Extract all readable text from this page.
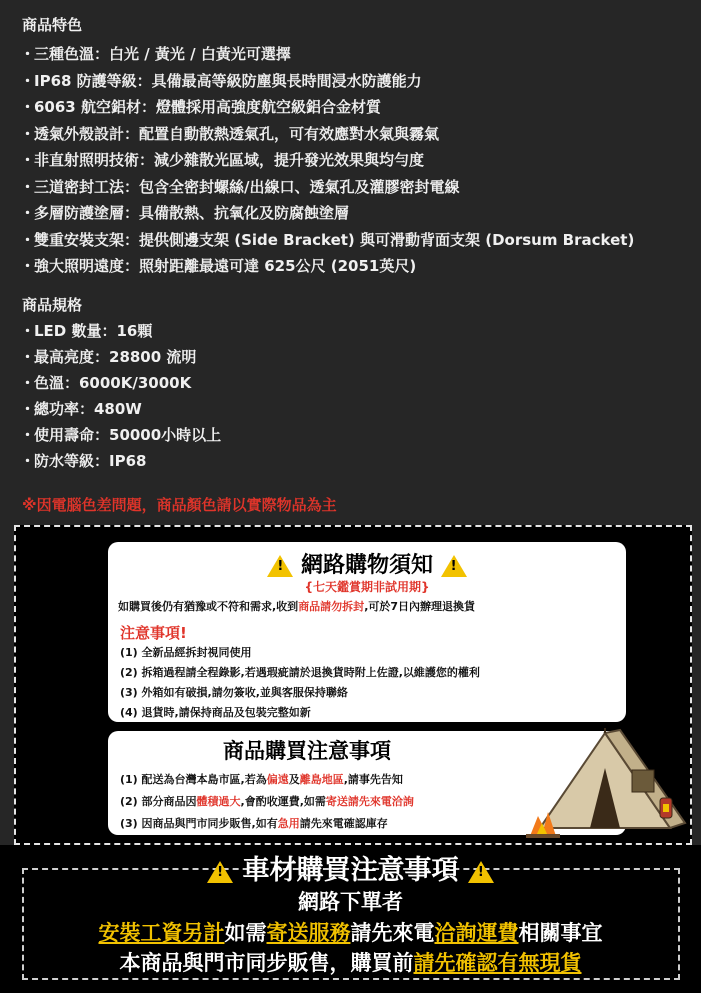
商品特色
・三種色溫：白光 / 黃光 / 白黃光可選擇
・IP68 防護等級：具備最高等級防塵與長時間浸水防護能力
・6063 航空鋁材：燈體採用高強度航空級鋁合金材質
・透氣外殼設計：配置自動散熱透氣孔，可有效應對水氣與霧氣
・非直射照明技術：減少雜散光區域，提升發光效果與均勻度
・三道密封工法：包含全密封螺絲/出線口、透氣孔及灌膠密封電線
・多層防護塗層：具備散熱、抗氧化及防腐蝕塗層
・雙重安裝支架：提供側邊支架 (Side Bracket) 與可滑動背面支架 (Dorsum Bracket)
・強大照明遠度：照射距離最遠可達 625公尺 (2051英尺)
商品規格
・LED 數量：16顆
・最高亮度：28800 流明
・色溫：6000K/3000K
・總功率：480W
・使用壽命：50000小時以上
・防水等級：IP68
※因電腦色差問題，商品顏色請以實際物品為主
! 網路購物須知 !
{七天鑑賞期非試用期}
如購買後仍有猶豫或不符和需求,收到商品請勿拆封,可於7日內辦理退換貨
注意事項!
(1) 全新品經拆封視同使用
(2) 拆箱過程請全程錄影,若遇瑕疵請於退換貨時附上佐證,以維護您的權利
(3) 外箱如有破損,請勿簽收,並與客服保持聯絡
(4) 退貨時,請保持商品及包裝完整如新
商品購買注意事項
(1) 配送為台灣本島市區,若為偏遠及離島地區,請事先告知
(2) 部分商品因體積過大,會酌收運費,如需寄送請先來電洽詢
(3) 因商品與門市同步販售,如有急用請先來電確認庫存
! 車材購買注意事項 !
網路下單者
安裝工資另計如需寄送服務請先來電洽詢運費相關事宜
本商品與門市同步販售，購買前請先確認有無現貨
